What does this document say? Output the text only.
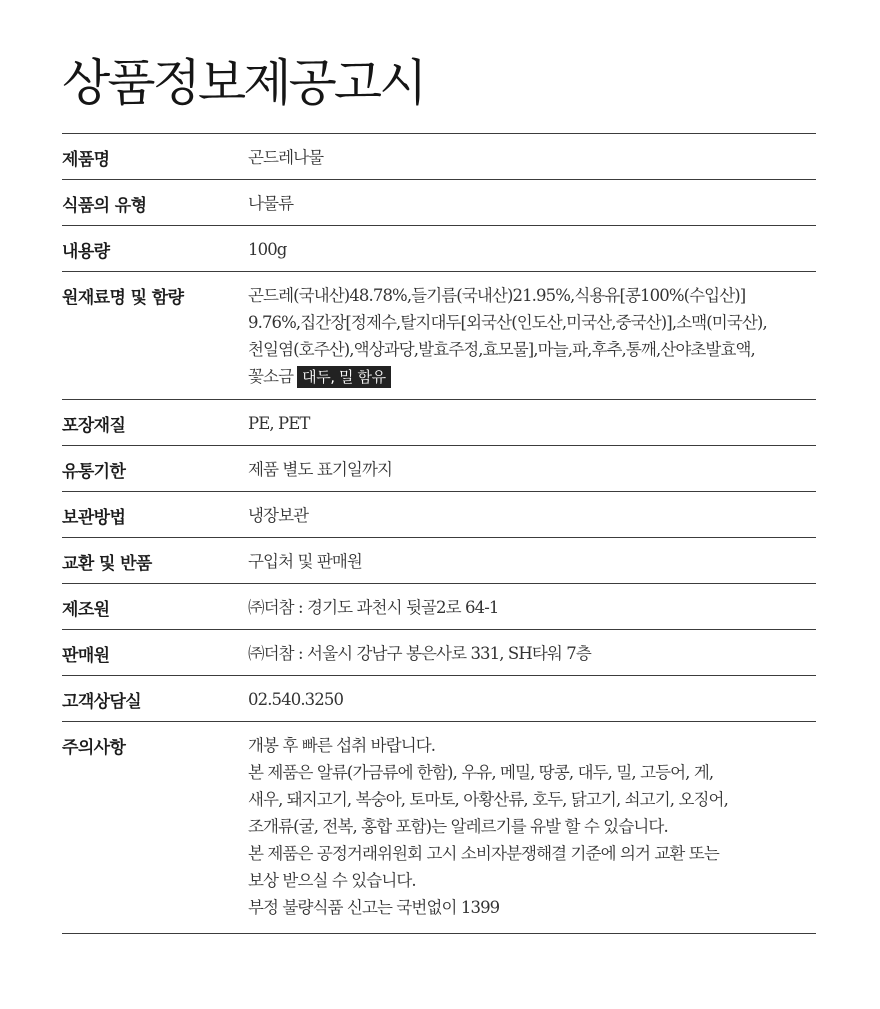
상품정보제공고시
제품명	곤드레나물
식품의 유형	나물류
내용량	100g
원재료명 및 함량	곤드레(국내산)48.78%,들기름(국내산)21.95%,식용유[콩100%(수입산)]
9.76%,집간장[정제수,탈지대두[외국산(인도산,미국산,중국산)],소맥(미국산),
천일염(호주산),액상과당,발효주정,효모물],마늘,파,후추,통깨,산야초발효액,
꽃소금 대두, 밀 함유
포장재질	PE, PET
유통기한	제품 별도 표기일까지
보관방법	냉장보관
교환 및 반품	구입처 및 판매원
제조원	㈜더참 : 경기도 과천시 뒷골2로 64-1
판매원	㈜더참 : 서울시 강남구 봉은사로 331, SH타워 7층
고객상담실	02.540.3250
주의사항	개봉 후 빠른 섭취 바랍니다.
본 제품은 알류(가금류에 한함), 우유, 메밀, 땅콩, 대두, 밀, 고등어, 게,
새우, 돼지고기, 복숭아, 토마토, 아황산류, 호두, 닭고기, 쇠고기, 오징어,
조개류(굴, 전복, 홍합 포함)는 알레르기를 유발 할 수 있습니다.
본 제품은 공정거래위원회 고시 소비자분쟁해결 기준에 의거 교환 또는
보상 받으실 수 있습니다.
부정 불량식품 신고는 국번없이 1399
